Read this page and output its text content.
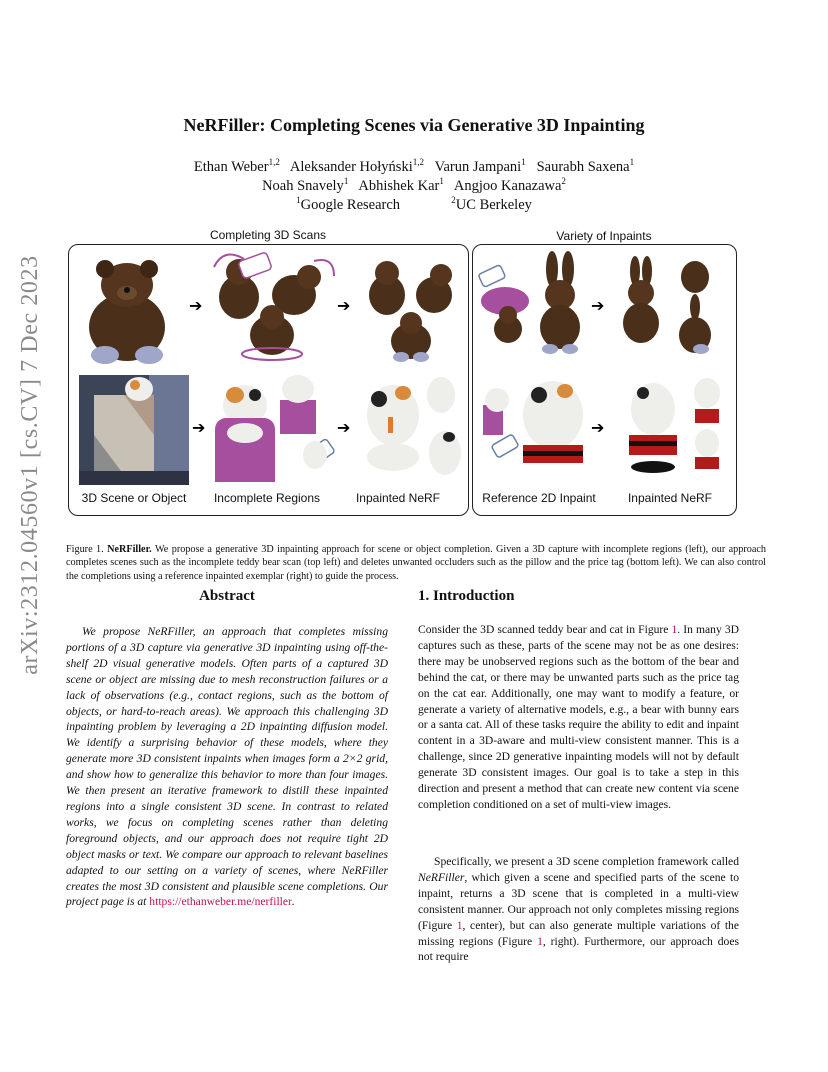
arXiv:2312.04560v1 [cs.CV] 7 Dec 2023
NeRFiller: Completing Scenes via Generative 3D Inpainting
Ethan Weber$^{1,2}$ Aleksander Hołyński$^{1,2}$ Varun Jampani$^1$ Saurabh Saxena$^1$
Noah Snavely$^1$ Abhishek Kar$^1$ Angjoo Kanazawa$^2$
$^1$Google Research	$^2$UC Berkeley
Completing 3D Scans	Variety of Inpaints
➔	➔
➔	➔
➔
➔
3D Scene or Object	Incomplete Regions	Inpainted NeRF	Reference 2D Inpaint	Inpainted NeRF
Figure 1. NeRFiller. We propose a generative 3D inpainting approach for scene or object completion. Given a 3D capture with incomplete regions (left), our approach completes scenes such as the incomplete teddy bear scan (top left) and deletes unwanted occluders such as the pillow and the price tag (bottom left). We can also control the completions using a reference inpainted exemplar (right) to guide the process.
Abstract
We propose NeRFiller, an approach that completes missing portions of a 3D capture via generative 3D inpainting using off-the-shelf 2D visual generative models. Often parts of a captured 3D scene or object are missing due to mesh reconstruction failures or a lack of observations (e.g., contact regions, such as the bottom of objects, or hard-to-reach areas). We approach this challenging 3D inpainting problem by leveraging a 2D inpainting diffusion model. We identify a surprising behavior of these models, where they generate more 3D consistent inpaints when images form a 2×2 grid, and show how to generalize this behavior to more than four images. We then present an iterative framework to distill these inpainted regions into a single consistent 3D scene. In contrast to related works, we focus on completing scenes rather than deleting foreground objects, and our approach does not require tight 2D object masks or text. We compare our approach to relevant baselines adapted to our setting on a variety of scenes, where NeRFiller creates the most 3D consistent and plausible scene completions. Our project page is at https://ethanweber.me/nerfiller.
1. Introduction
Consider the 3D scanned teddy bear and cat in Figure 1. In many 3D captures such as these, parts of the scene may not be as one desires: there may be unobserved regions such as the bottom of the bear and behind the cat, or there may be unwanted parts such as the price tag on the cat ear. Additionally, one may want to modify a feature, or generate a variety of alternative models, e.g., a bear with bunny ears or a santa cat. All of these tasks require the ability to edit and inpaint content in a 3D-aware and multi-view consistent manner. This is a challenge, since 2D generative inpainting models will not by default generate 3D consistent images. Our goal is to take a step in this direction and present a method that can create new content via scene completion conditioned on a set of multi-view images.
Specifically, we present a 3D scene completion framework called NeRFiller, which given a scene and specified parts of the scene to inpaint, returns a 3D scene that is completed in a multi-view consistent manner. Our approach not only completes missing regions (Figure 1, center), but can also generate multiple variations of the missing regions (Figure 1, right). Furthermore, our approach does not require
